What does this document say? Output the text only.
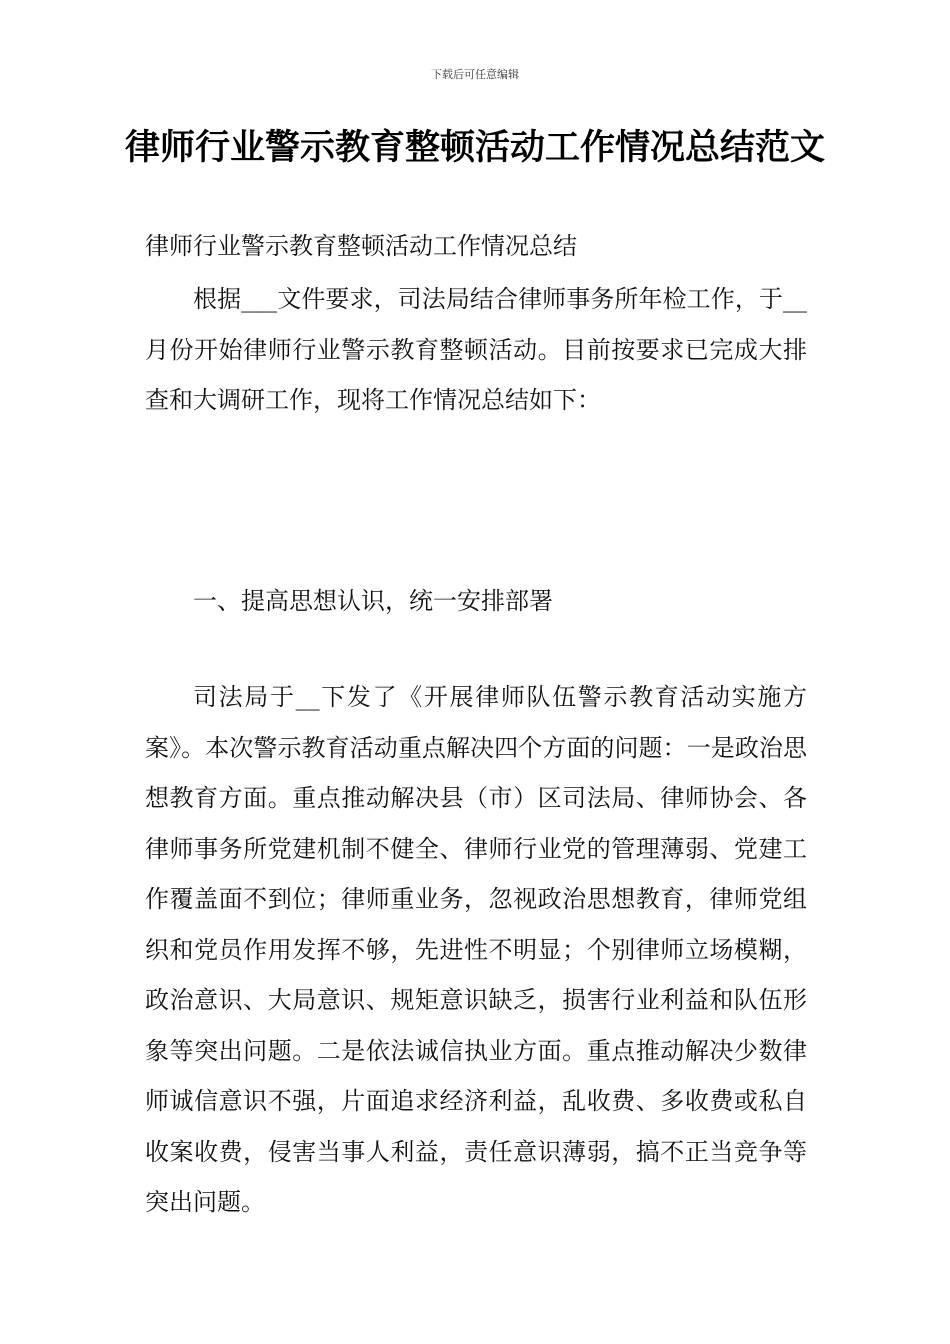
下载后可任意编辑
律师行业警示教育整顿活动工作情况总结范文

律师行业警示教育整顿活动工作情况总结

根据___文件要求，司法局结合律师事务所年检工作，于__月份开始律师行业警示教育整顿活动。目前按要求已完成大排查和大调研工作，现将工作情况总结如下：

一、提高思想认识，统一安排部署

司法局于__下发了《开展律师队伍警示教育活动实施方案》。本次警示教育活动重点解决四个方面的问题：一是政治思想教育方面。重点推动解决县（市）区司法局、律师协会、各律师事务所党建机制不健全、律师行业党的管理薄弱、党建工作覆盖面不到位；律师重业务，忽视政治思想教育，律师党组织和党员作用发挥不够，先进性不明显；个别律师立场模糊，政治意识、大局意识、规矩意识缺乏，损害行业利益和队伍形象等突出问题。二是依法诚信执业方面。重点推动解决少数律师诚信意识不强，片面追求经济利益，乱收费、多收费或私自收案收费，侵害当事人利益，责任意识薄弱，搞不正当竞争等突出问题。
